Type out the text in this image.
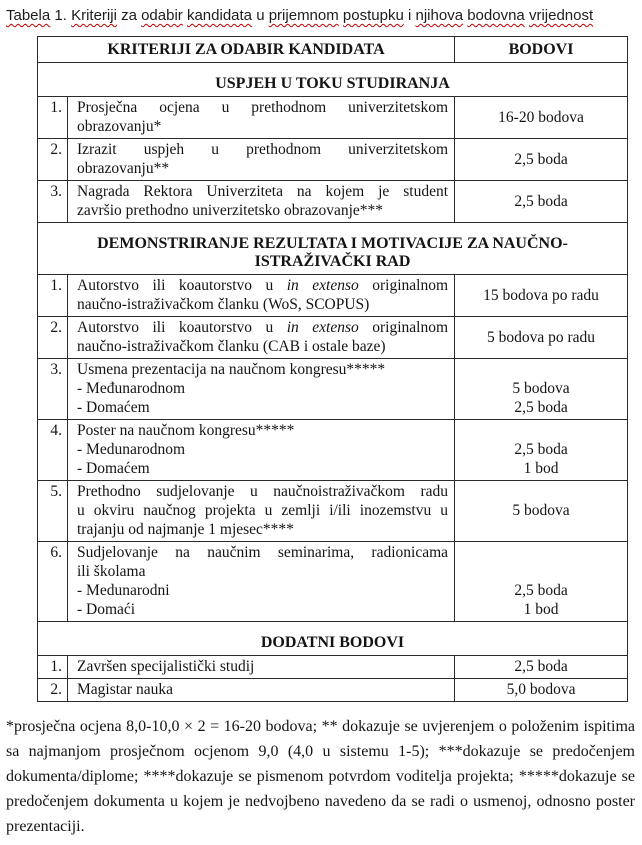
Tabela 1. Kriteriji za odabir kandidata u prijemnom postupku i njihova bodovna vrijednost

KRITERIJI ZA ODABIR KANDIDATA		BODOVI
USPJEH U TOKU STUDIRANJA		
1.	Prosječna ocjena u prethodnom univerzitetskom
obrazovanju*	16-20 bodova

2.	Izrazit uspjeh u prethodnom univerzitetskom
obrazovanju**	2,5 boda

3.	Nagrada Rektora Univerziteta na kojem je student
završio prethodno univerzitetsko obrazovanje***	2,5 boda

DEMONSTRIRANJE REZULTATA I MOTIVACIJE ZA NAUČNO-ISTRAŽIVAČKI RAD		
1.	Autorstvo ili koautorstvo u in extenso originalnom
naučno-istraživačkom članku (WoS, SCOPUS)	15 bodova po radu

2.	Autorstvo ili koautorstvo u in extenso originalnom
naučno-istraživačkom članku (CAB i ostale baze)	5 bodova po radu

3.	Usmena prezentacija na naučnom kongresu*****
- Međunarodnom
- Domaćem

5 bodova
2,5 boda

4.	Poster na naučnom kongresu*****
- Medunarodnom
- Domaćem

2,5 boda
1 bod

5.	Prethodno sudjelovanje u naučnoistraživačkom radu
u okviru naučnog projekta u zemlji i/ili inozemstvu u
trajanju od najmanje 1 mjesec****	5 bodova

6.	Sudjelovanje na naučnim seminarima, radionicama
ili školama
- Medunarodni
- Domaći

2,5 boda
1 bod

DODATNI BODOVI		
1.	Završen specijalistički studij	2,5 boda

2.	Magistar nauka	5,0 bodova

*prosječna ocjena 8,0-10,0 × 2 = 16-20 bodova; ** dokazuje se uvjerenjem o položenim ispitima sa najmanjom prosječnom ocjenom 9,0 (4,0 u sistemu 1-5); ***dokazuje se predočenjem dokumenta/diplome; ****dokazuje se pismenom potvrdom voditelja projekta; *****dokazuje se predočenjem dokumenta u kojem je nedvojbeno navedeno da se radi o usmenoj, odnosno poster prezentaciji.
